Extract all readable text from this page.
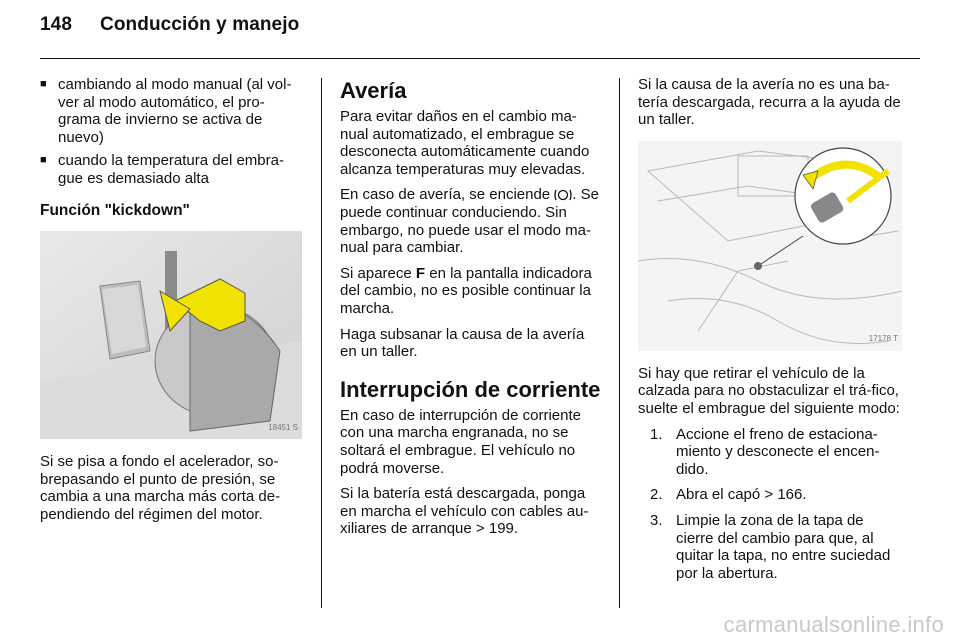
148 Conducción y manejo
■ cambiando al modo manual (al vol-ver al modo automático, el pro-grama de invierno se activa de nuevo)
■ cuando la temperatura del embra-gue es demasiado alta
Función "kickdown"
18451 S

Si se pisa a fondo el acelerador, so-brepasando el punto de presión, se cambia a una marcha más corta de-pendiendo del régimen del motor.

Avería

Para evitar daños en el cambio ma-nual automatizado, el embrague se desconecta automáticamente cuando alcanza temperaturas muy elevadas.

En caso de avería, se enciende . Se puede continuar conduciendo. Sin embargo, no puede usar el modo ma-nual para cambiar.

Si aparece F en la pantalla indicadora del cambio, no es posible continuar la marcha.

Haga subsanar la causa de la avería en un taller.

Interrupción de corriente

En caso de interrupción de corriente con una marcha engranada, no se soltará el embrague. El vehículo no podrá moverse.

Si la batería está descargada, ponga en marcha el vehículo con cables au-xiliares de arranque > 199.

Si la causa de la avería no es una ba-tería descargada, recurra a la ayuda de un taller.

17178 T

Si hay que retirar el vehículo de la calzada para no obstaculizar el trá-fico, suelte el embrague del siguiente modo:

1. Accione el freno de estaciona-miento y desconecte el encen-dido.
2. Abra el capó > 166.
3. Limpie la zona de la tapa de cierre del cambio para que, al quitar la tapa, no entre suciedad por la abertura.
carmanualsonline.info
